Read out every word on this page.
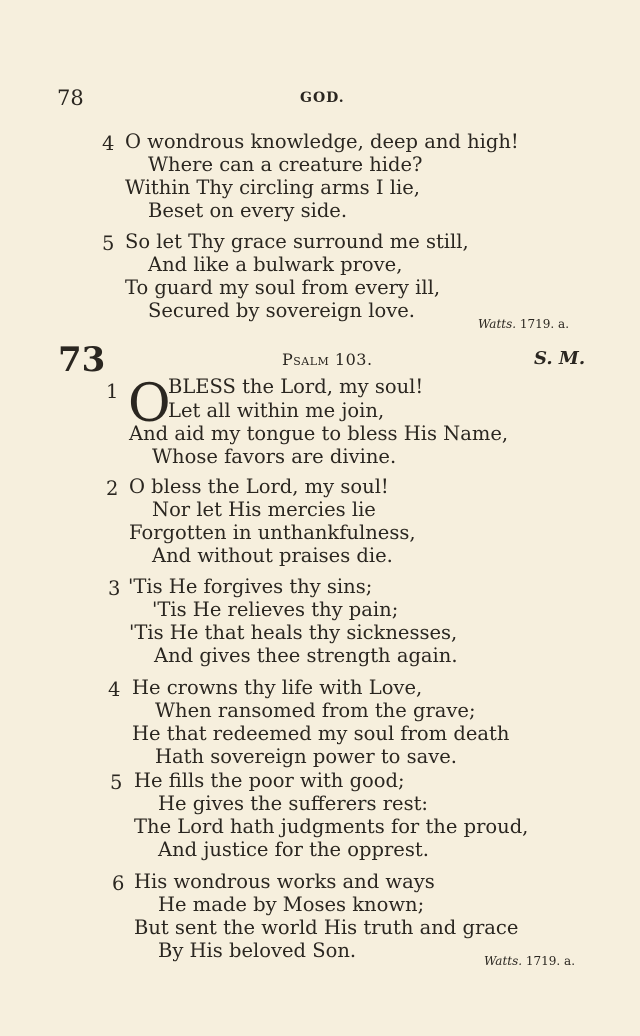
78	GOD.
4 O wondrous knowledge, deep and high!
Where can a creature hide?
Within Thy circling arms I lie,
Beset on every side.
5 So let Thy grace surround me still,
And like a bulwark prove,
To guard my soul from every ill,
Secured by sovereign love.
Watts. 1719. a.
73	Psalm 103.	S. M.
1 O
BLESS the Lord, my soul!
Let all within me join,
And aid my tongue to bless His Name,
Whose favors are divine.
2 O bless the Lord, my soul!
Nor let His mercies lie
Forgotten in unthankfulness,
And without praises die.
3 'Tis He forgives thy sins;
'Tis He relieves thy pain;
'Tis He that heals thy sicknesses,
And gives thee strength again.
4 He crowns thy life with Love,
When ransomed from the grave;
He that redeemed my soul from death
Hath sovereign power to save.
5 He fills the poor with good;
He gives the sufferers rest:
The Lord hath judgments for the proud,
And justice for the opprest.
6 His wondrous works and ways
He made by Moses known;
But sent the world His truth and grace
By His beloved Son.	Watts. 1719. a.
